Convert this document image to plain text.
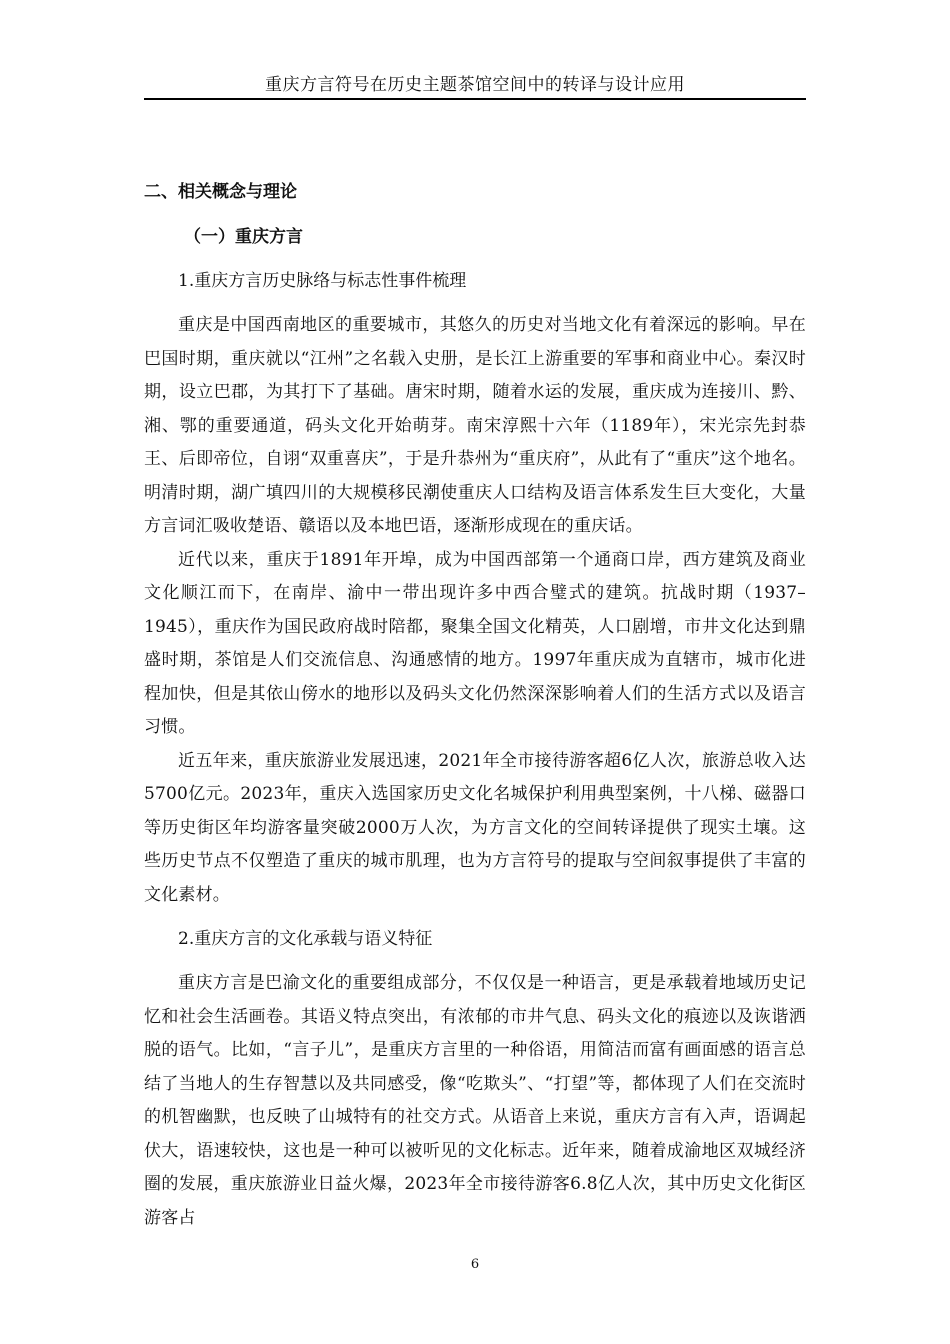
重庆方言符号在历史主题茶馆空间中的转译与设计应用
二、相关概念与理论
（一）重庆方言
1.重庆方言历史脉络与标志性事件梳理

重庆是中国西南地区的重要城市，其悠久的历史对当地文化有着深远的影响。早在巴国时期，重庆就以“江州”之名载入史册，是长江上游重要的军事和商业中心。秦汉时期，设立巴郡，为其打下了基础。唐宋时期，随着水运的发展，重庆成为连接川、黔、湘、鄂的重要通道，码头文化开始萌芽。南宋淳熙十六年（1189年），宋光宗先封恭王、后即帝位，自诩“双重喜庆”，于是升恭州为“重庆府”，从此有了“重庆”这个地名。明清时期，湖广填四川的大规模移民潮使重庆人口结构及语言体系发生巨大变化，大量方言词汇吸收楚语、赣语以及本地巴语，逐渐形成现在的重庆话。

近代以来，重庆于1891年开埠，成为中国西部第一个通商口岸，西方建筑及商业文化顺江而下，在南岸、渝中一带出现许多中西合璧式的建筑。抗战时期（1937–1945），重庆作为国民政府战时陪都，聚集全国文化精英，人口剧增，市井文化达到鼎盛时期，茶馆是人们交流信息、沟通感情的地方。1997年重庆成为直辖市，城市化进程加快，但是其依山傍水的地形以及码头文化仍然深深影响着人们的生活方式以及语言习惯。

近五年来，重庆旅游业发展迅速，2021年全市接待游客超6亿人次，旅游总收入达5700亿元。2023年，重庆入选国家历史文化名城保护利用典型案例，十八梯、磁器口等历史街区年均游客量突破2000万人次，为方言文化的空间转译提供了现实土壤。这些历史节点不仅塑造了重庆的城市肌理，也为方言符号的提取与空间叙事提供了丰富的文化素材。

2.重庆方言的文化承载与语义特征

重庆方言是巴渝文化的重要组成部分，不仅仅是一种语言，更是承载着地域历史记忆和社会生活画卷。其语义特点突出，有浓郁的市井气息、码头文化的痕迹以及诙谐洒脱的语气。比如，“言子儿”，是重庆方言里的一种俗语，用简洁而富有画面感的语言总结了当地人的生存智慧以及共同感受，像“吃欺头”、“打望”等，都体现了人们在交流时的机智幽默，也反映了山城特有的社交方式。从语音上来说，重庆方言有入声，语调起伏大，语速较快，这也是一种可以被听见的文化标志。近年来，随着成渝地区双城经济圈的发展，重庆旅游业日益火爆，2023年全市接待游客6.8亿人次，其中历史文化街区游客占

6
